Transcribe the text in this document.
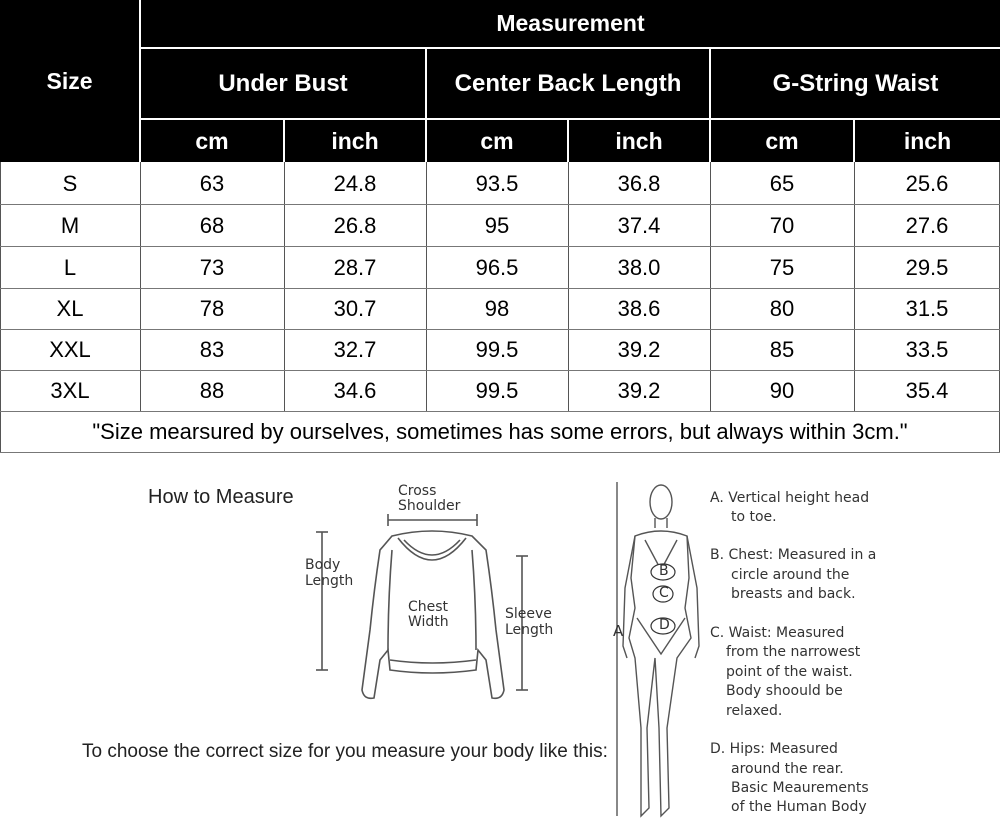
Size
Measurement
Under Bust	Center Back Length	G-String Waist
cm	inch	cm	inch	cm	inch
S	63	24.8	93.5	36.8	65	25.6
M	68	26.8	95	37.4	70	27.6
L	73	28.7	96.5	38.0	75	29.5
XL	78	30.7	98	38.6	80	31.5
XXL	83	32.7	99.5	39.2	85	33.5
3XL	88	34.6	99.5	39.2	90	35.4
"Size mearsured by ourselves, sometimes has some errors, but always within 3cm."
How to Measure
To choose the correct size for you measure your body like this:
Cross
Shoulder
Body
Length
Chest
Width	Sleeve
Length	A
B
C
D
A. Vertical height head
to toe.
B. Chest: Measured in a
circle around the
breasts and back.
C. Waist: Measured
from the narrowest
point of the waist.
Body shoould be
relaxed.
D. Hips: Measured
around the rear.
Basic Meaurements
of the Human Body
